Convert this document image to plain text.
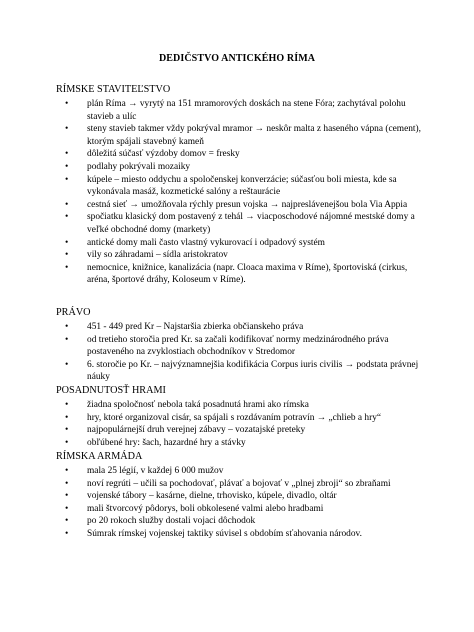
DEDIČSTVO ANTICKÉHO RÍMA
RÍMSKE STAVITEĽSTVO
• plán Ríma → vyrytý na 151 mramorových doskách na stene Fóra; zachytával polohu stavieb a ulíc
• steny stavieb takmer vždy pokrýval mramor → neskôr malta z haseného vápna (cement), ktorým spájali stavebný kameň
• dôležitá súčasť výzdoby domov = fresky
• podlahy pokrývali mozaiky
• kúpele – miesto oddychu a spoločenskej konverzácie; súčasťou boli miesta, kde sa vykonávala masáž, kozmetické salóny a reštaurácie
• cestná sieť → umožňovala rýchly presun vojska → najpreslávenejšou bola Via Appia
• spočiatku klasický dom postavený z tehál → viacposchodové nájomné mestské domy a veľké obchodné domy (markety)
• antické domy mali často vlastný vykurovací i odpadový systém
• vily so záhradami – sídla aristokratov
• nemocnice, knižnice, kanalizácia (napr. Cloaca maxima v Ríme), športoviská (cirkus, aréna, športové dráhy, Koloseum v Ríme).
PRÁVO
• 451 - 449 pred Kr – Najstaršia zbierka občianskeho práva
• od tretieho storočia pred Kr. sa začali kodifikovať normy medzinárodného práva postaveného na zvyklostiach obchodníkov v Stredomor
• 6. storočie po Kr. – najvýznamnejšia kodifikácia Corpus iuris civilis → podstata právnej náuky
POSADNUTOSŤ HRAMI
• žiadna spoločnosť nebola taká posadnutá hrami ako rímska
• hry, ktoré organizoval cisár, sa spájali s rozdávaním potravín → „chlieb a hry“
• najpopulárnejší druh verejnej zábavy – vozatajské preteky
• obľúbené hry: šach, hazardné hry a stávky
RÍMSKA ARMÁDA
• mala 25 légií, v každej 6 000 mužov
• noví regrúti – učili sa pochodovať, plávať a bojovať v „plnej zbroji“ so zbraňami
• vojenské tábory – kasárne, dielne, trhovisko, kúpele, divadlo, oltár
• mali štvorcový pôdorys, boli obkolesené valmi alebo hradbami
• po 20 rokoch služby dostali vojaci dôchodok
• Súmrak rímskej vojenskej taktiky súvisel s obdobím sťahovania národov.
